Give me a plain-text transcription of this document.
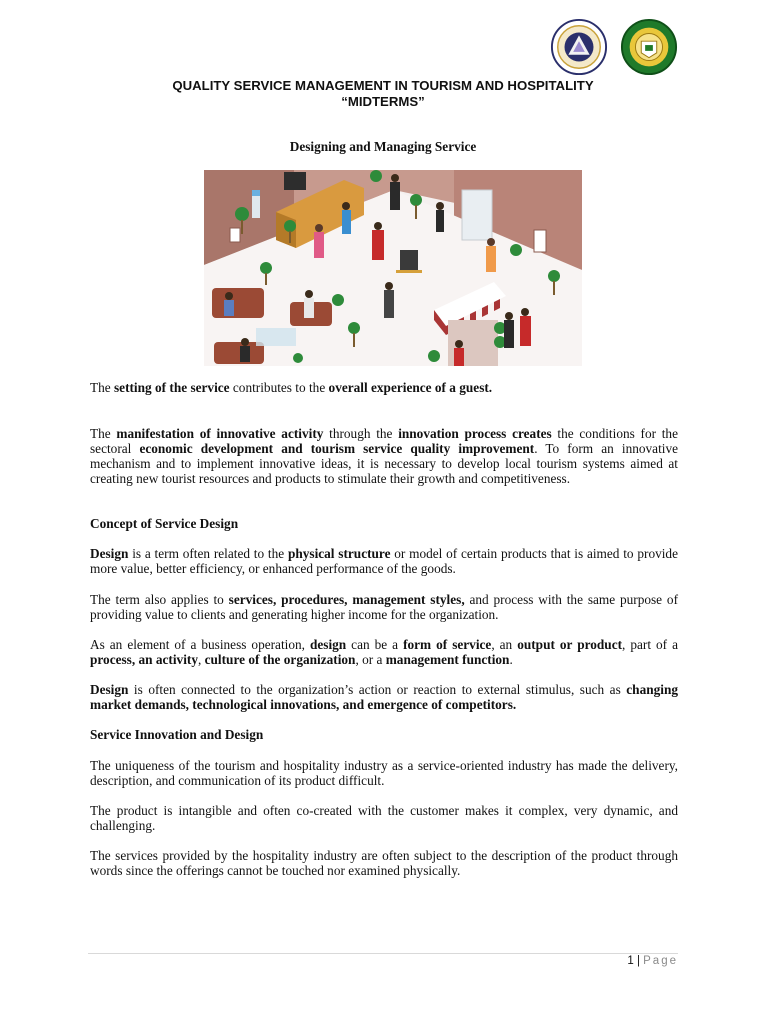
QUALITY SERVICE MANAGEMENT IN TOURISM AND HOSPITALITY
“MIDTERMS”
Designing and Managing Service

The setting of the service contributes to the overall experience of a guest.

The manifestation of innovative activity through the innovation process creates the conditions for the sectoral economic development and tourism service quality improvement. To form an innovative mechanism and to implement innovative ideas, it is necessary to develop local tourism systems aimed at creating new tourist resources and products to stimulate their growth and competitiveness.

Concept of Service Design

Design is a term often related to the physical structure or model of certain products that is aimed to provide more value, better efficiency, or enhanced performance of the goods.

The term also applies to services, procedures, management styles, and process with the same purpose of providing value to clients and generating higher income for the organization.

As an element of a business operation, design can be a form of service, an output or product, part of a process, an activity, culture of the organization, or a management function.

Design is often connected to the organization’s action or reaction to external stimulus, such as changing market demands, technological innovations, and emergence of competitors.

Service Innovation and Design

The uniqueness of the tourism and hospitality industry as a service-oriented industry has made the delivery, description, and communication of its product difficult.

The product is intangible and often co-created with the customer makes it complex, very dynamic, and challenging.

The services provided by the hospitality industry are often subject to the description of the product through words since the offerings cannot be touched nor examined physically.

1 | Page
